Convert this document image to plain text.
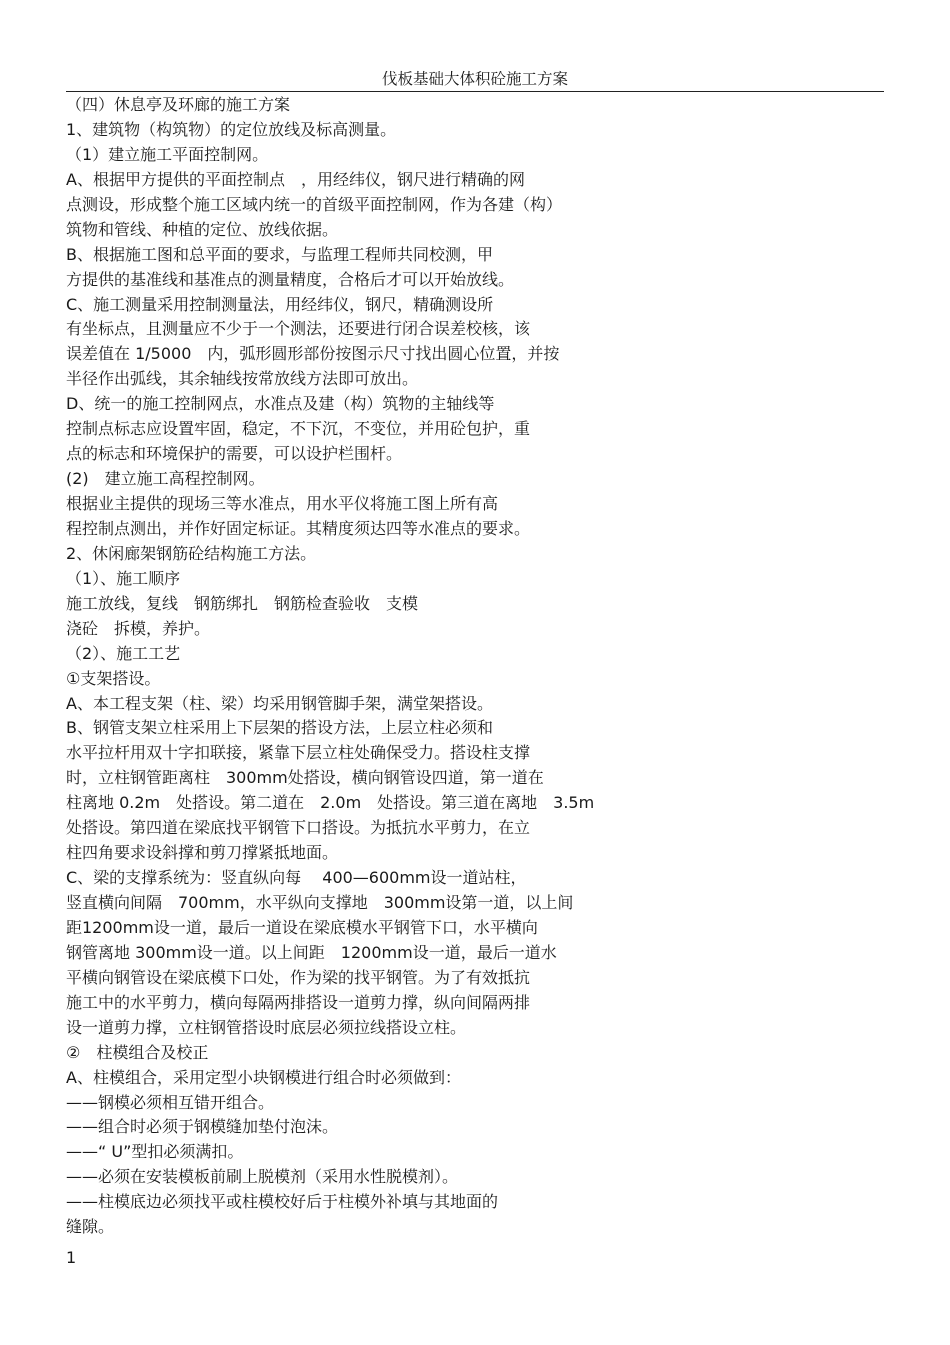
伐板基础大体积砼施工方案
（四）休息亭及环廊的施工方案
1、建筑物（构筑物）的定位放线及标高测量。
（1）建立施工平面控制网。
A、根据甲方提供的平面控制点　，用经纬仪，钢尺进行精确的网
点测设，形成整个施工区域内统一的首级平面控制网，作为各建（构）
筑物和管线、种植的定位、放线依据。
B、根据施工图和总平面的要求，与监理工程师共同校测，甲
方提供的基准线和基准点的测量精度，合格后才可以开始放线。
C、施工测量采用控制测量法，用经纬仪，钢尺，精确测设所
有坐标点，且测量应不少于一个测法，还要进行闭合误差校核，该
误差值在 1/5000　内，弧形圆形部份按图示尺寸找出圆心位置，并按
半径作出弧线，其余轴线按常放线方法即可放出。
D、统一的施工控制网点，水准点及建（构）筑物的主轴线等
控制点标志应设置牢固，稳定，不下沉，不变位，并用砼包护，重
点的标志和环境保护的需要，可以设护栏围杆。
(2)　建立施工高程控制网。
根据业主提供的现场三等水准点，用水平仪将施工图上所有高
程控制点测出，并作好固定标证。其精度须达四等水准点的要求。
2、休闲廊架钢筋砼结构施工方法。
（1）、施工顺序
施工放线，复线　钢筋绑扎　钢筋检查验收　支模
浇砼　拆模，养护。
（2）、施工工艺
①支架搭设。
A、本工程支架（柱、梁）均采用钢管脚手架，满堂架搭设。
B、钢管支架立柱采用上下层架的搭设方法，上层立柱必须和
水平拉杆用双十字扣联接，紧靠下层立柱处确保受力。搭设柱支撑
时，立柱钢管距离柱　300mm处搭设，横向钢管设四道，第一道在
柱离地 0.2m　处搭设。第二道在　2.0m　处搭设。第三道在离地　3.5m
处搭设。第四道在梁底找平钢管下口搭设。为抵抗水平剪力，在立
柱四角要求设斜撑和剪刀撑紧抵地面。
C、梁的支撑系统为：竖直纵向每　 400—600mm设一道站柱，
竖直横向间隔　700mm，水平纵向支撑地　300mm设第一道，以上间
距1200mm设一道，最后一道设在梁底模水平钢管下口，水平横向
钢管离地 300mm设一道。以上间距　1200mm设一道，最后一道水
平横向钢管设在梁底模下口处，作为梁的找平钢管。为了有效抵抗
施工中的水平剪力，横向每隔两排搭设一道剪力撑，纵向间隔两排
设一道剪力撑，立柱钢管搭设时底层必须拉线搭设立柱。
②　柱模组合及校正
A、柱模组合，采用定型小块钢模进行组合时必须做到：
——钢模必须相互错开组合。
——组合时必须于钢模缝加垫付泡沫。
——“ U”型扣必须满扣。
——必须在安装模板前刷上脱模剂（采用水性脱模剂）。
——柱模底边必须找平或柱模校好后于柱模外补填与其地面的
缝隙。
1
